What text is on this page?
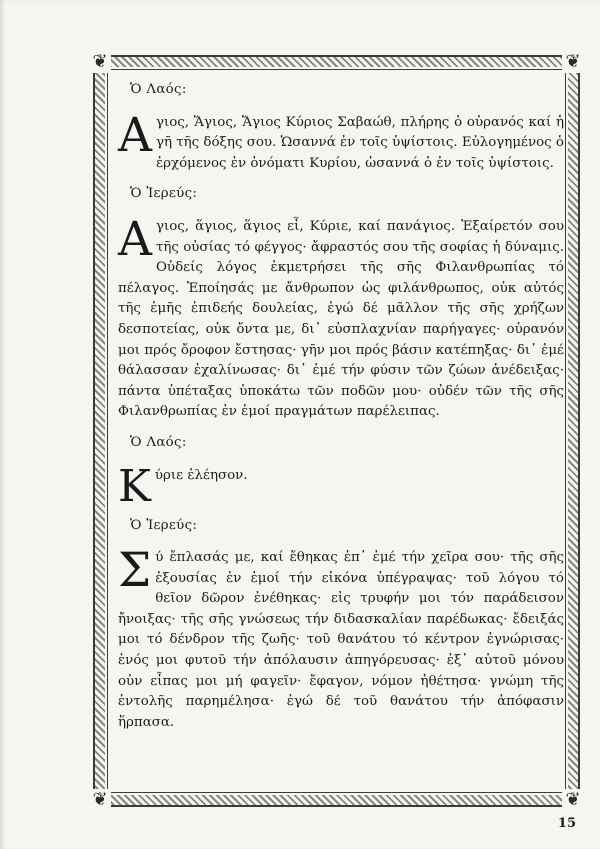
❦	❦
❦	❦
Ὁ Λαός:
Αγιος, Ἅγιος, Ἅγιος Κύριος Σαβαώθ, πλήρης ὁ οὐρανός καί ἡ γῆ τῆς δόξης σου. Ὡσαννά ἐν τοῖς ὑψίστοις. Εὐλογημένος ὁ ἐρχόμενος ἐν ὀνόματι Κυρίου, ὡσαννά ὁ ἐν τοῖς ὑψίστοις.
Ὁ Ἱερεύς:
Αγιος, ἅγιος, ἅγιος εἶ, Κύριε, καί πανάγιος. Ἐξαίρετόν σου τῆς οὐσίας τό φέγγος· ἄφραστός σου τῆς σοφίας ἡ δύναμις. Οὐδείς λόγος ἐκμετρήσει τῆς σῆς Φιλανθρωπίας τό πέλαγος. Ἐποίησάς με ἄνθρωπον ὡς φιλάνθρωπος, οὐκ αὐτός τῆς ἐμῆς ἐπιδεής δουλείας, ἐγώ δέ μᾶλλον τῆς σῆς χρήζων δεσποτείας, οὐκ ὄντα με, δι᾿ εὐσπλαχνίαν παρήγαγες· οὐρανόν μοι πρός ὄροφον ἔστησας· γῆν μοι πρός βάσιν κατέπηξας· δι᾿ ἐμέ θάλασσαν ἐχαλίνωσας· δι᾿ ἐμέ τήν φύσιν τῶν ζώων ἀνέδειξας· πάντα ὑπέταξας ὑποκάτω τῶν ποδῶν μου· οὐδέν τῶν τῆς σῆς Φιλανθρωπίας ἐν ἐμοί πραγμάτων παρέλειπας.
Ὁ Λαός:
Κύριε ἐλέησον.
Ὁ Ἱερεύς:
Σύ ἔπλασάς με, καί ἔθηκας ἐπ᾿ ἐμέ τήν χεῖρα σου· τῆς σῆς ἐξουσίας ἐν ἐμοί τήν εἰκόνα ὑπέγραψας· τοῦ λόγου τό θεῖον δῶρον ἐνέθηκας· εἰς τρυφήν μοι τόν παράδεισον ἤνοιξας· τῆς σῆς γνώσεως τήν διδασκαλίαν παρέδωκας· ἔδειξάς μοι τό δένδρον τῆς ζωῆς· τοῦ θανάτου τό κέντρον ἐγνώρισας· ἑνός μοι φυτοῦ τήν ἀπόλαυσιν ἀπηγόρευσας· ἐξ᾿ αὐτοῦ μόνου οὐν εἶπας μοι μή φαγεῖν· ἔφαγον, νόμον ἠθέτησα· γνώμη τῆς ἐντολῆς παρημέλησα· ἐγώ δέ τοῦ θανάτου τήν ἀπόφασιν ἥρπασα.
15
